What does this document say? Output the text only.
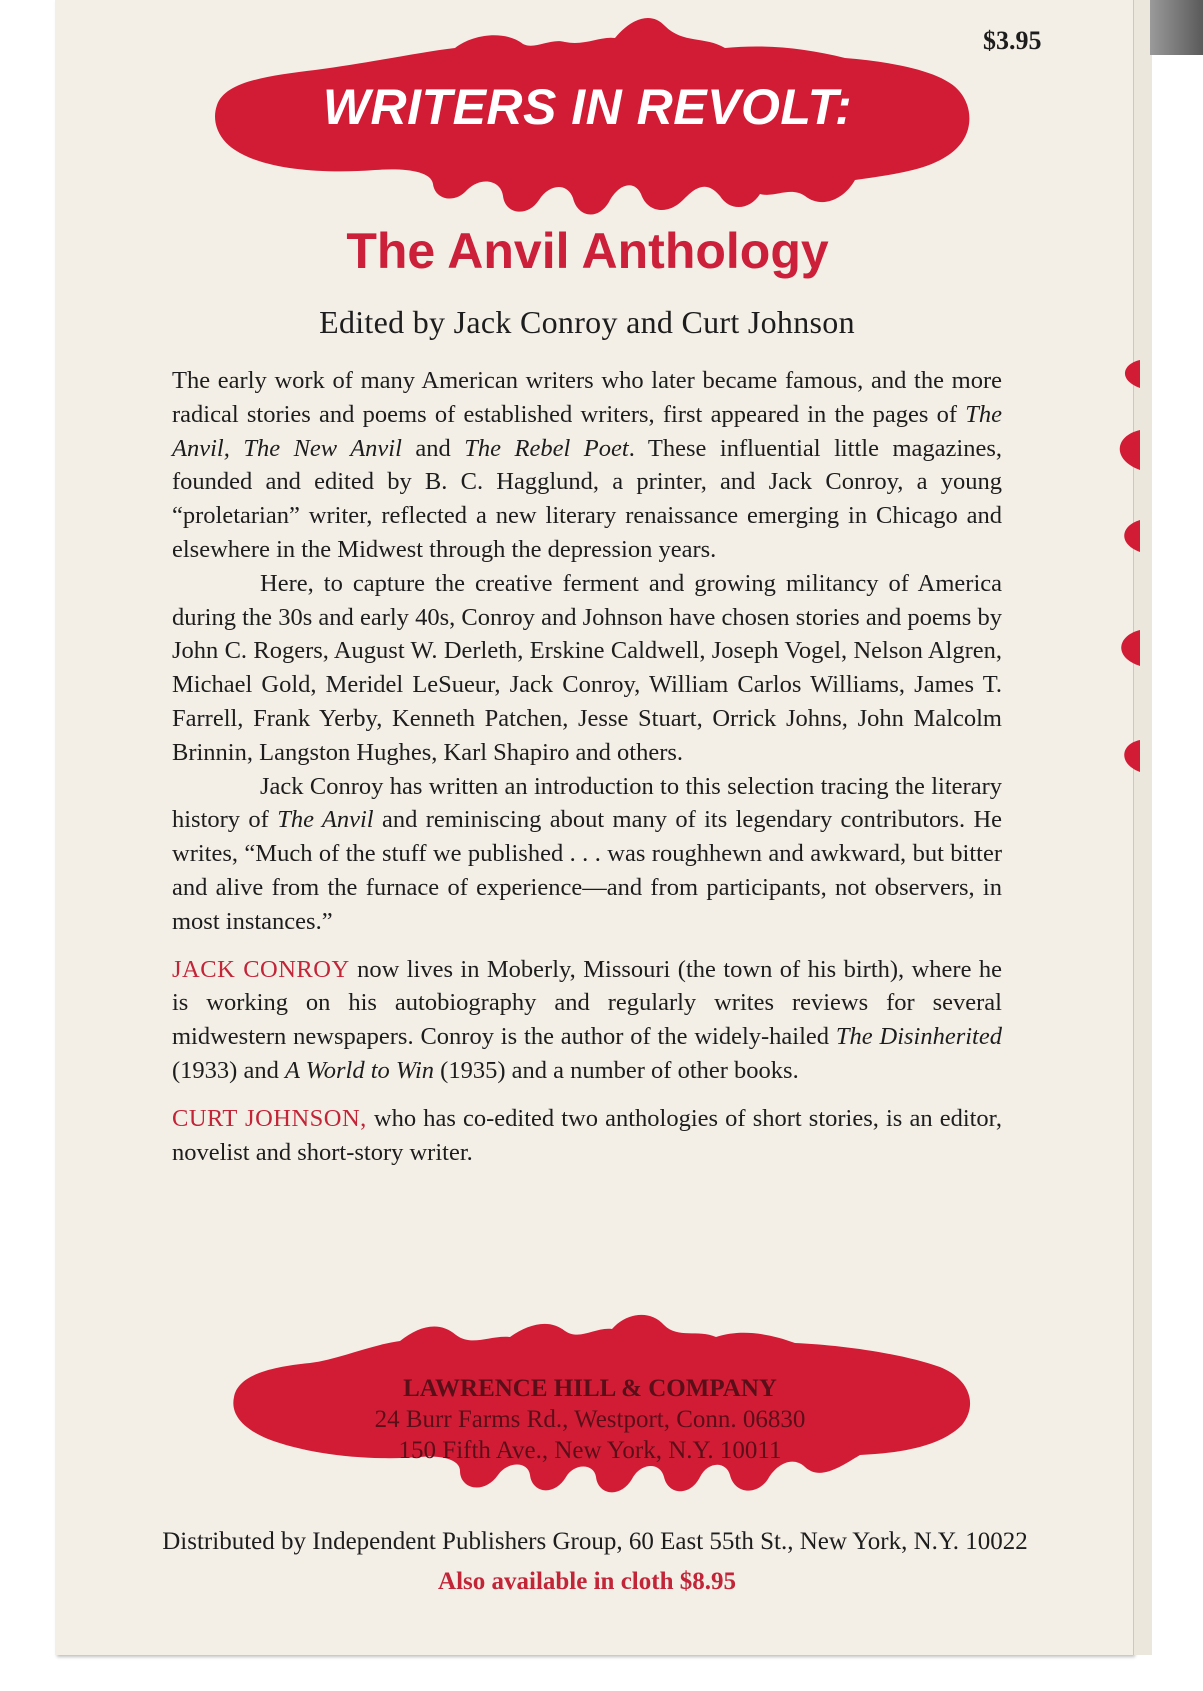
$3.95
WRITERS IN REVOLT:
The Anvil Anthology
Edited by Jack Conroy and Curt Johnson

The early work of many American writers who later became famous, and the more radical stories and poems of established writers, first appeared in the pages of The Anvil, The New Anvil and The Rebel Poet. These influential little magazines, founded and edited by B. C. Hagglund, a printer, and Jack Conroy, a young “proletarian” writer, reflected a new literary renaissance emerging in Chicago and elsewhere in the Midwest through the depression years.

Here, to capture the creative ferment and growing militancy of America during the 30s and early 40s, Conroy and Johnson have chosen stories and poems by John C. Rogers, August W. Derleth, Erskine Caldwell, Joseph Vogel, Nelson Algren, Michael Gold, Meridel LeSueur, Jack Conroy, William Carlos Williams, James T. Farrell, Frank Yerby, Kenneth Patchen, Jesse Stuart, Orrick Johns, John Malcolm Brinnin, Langston Hughes, Karl Shapiro and others.

Jack Conroy has written an introduction to this selection tracing the literary history of The Anvil and reminiscing about many of its legendary contributors. He writes, “Much of the stuff we published . . . was roughhewn and awkward, but bitter and alive from the furnace of experience—and from participants, not observers, in most instances.”

JACK CONROY now lives in Moberly, Missouri (the town of his birth), where he is working on his autobiography and regularly writes reviews for several midwestern newspapers. Conroy is the author of the widely-hailed The Disinherited (1933) and A World to Win (1935) and a number of other books.

CURT JOHNSON, who has co-edited two anthologies of short stories, is an editor, novelist and short-story writer.

LAWRENCE HILL & COMPANY
24 Burr Farms Rd., Westport, Conn. 06830
150 Fifth Ave., New York, N.Y. 10011
Distributed by Independent Publishers Group, 60 East 55th St., New York, N.Y. 10022
Also available in cloth $8.95
